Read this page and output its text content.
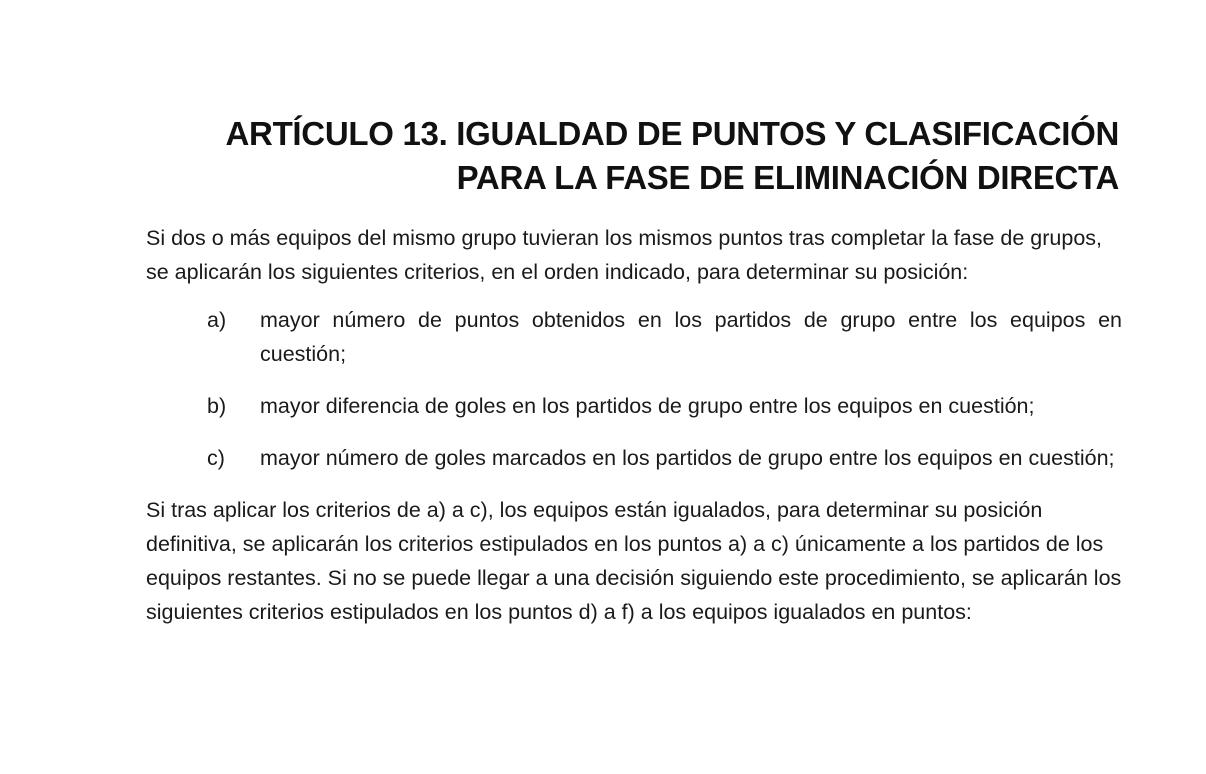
ARTÍCULO 13. IGUALDAD DE PUNTOS Y CLASIFICACIÓN
PARA LA FASE DE ELIMINACIÓN DIRECTA

Si dos o más equipos del mismo grupo tuvieran los mismos puntos tras completar la fase de grupos, se aplicarán los siguientes criterios, en el orden indicado, para determinar su posición:

a)	mayor número de puntos obtenidos en los partidos de grupo entre los equipos en cuestión;
b)	mayor diferencia de goles en los partidos de grupo entre los equipos en cuestión;
c)	mayor número de goles marcados en los partidos de grupo entre los equipos en cuestión;

Si tras aplicar los criterios de a) a c), los equipos están igualados, para determinar su posición definitiva, se aplicarán los criterios estipulados en los puntos a) a c) únicamente a los partidos de los equipos restantes. Si no se puede llegar a una decisión siguiendo este procedimiento, se aplicarán los siguientes criterios estipulados en los puntos d) a f) a los equipos igualados en puntos:
